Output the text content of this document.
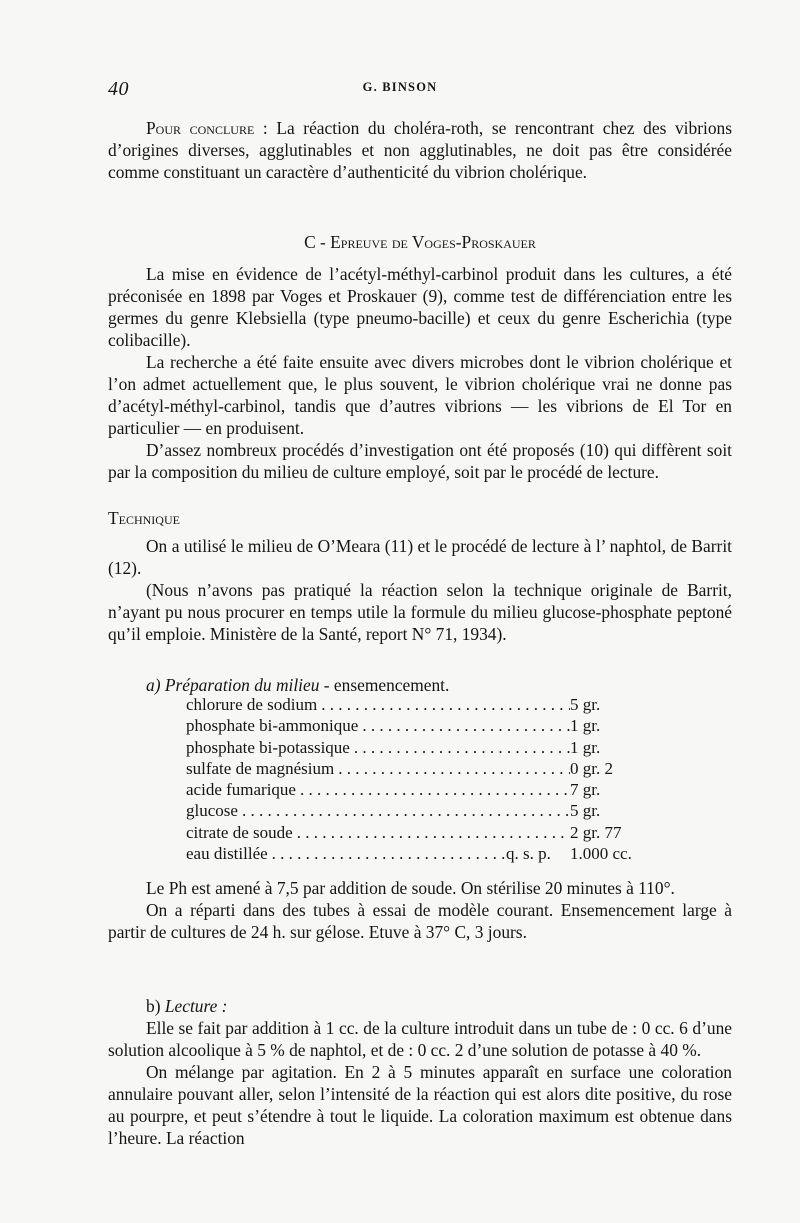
40	G. BINSON

Pour conclure : La réaction du choléra-roth, se rencontrant chez des vibrions d’origines diverses, agglutinables et non agglutinables, ne doit pas être considérée comme constituant un caractère d’authenticité du vibrion cholérique.

C - Epreuve de Voges-Proskauer

La mise en évidence de l’acétyl-méthyl-carbinol produit dans les cultures, a été préconisée en 1898 par Voges et Proskauer (9), comme test de différenciation entre les germes du genre Klebsiella (type pneumo-bacille) et ceux du genre Escherichia (type colibacille).

La recherche a été faite ensuite avec divers microbes dont le vibrion cholérique et l’on admet actuellement que, le plus souvent, le vibrion cholérique vrai ne donne pas d’acétyl-méthyl-carbinol, tandis que d’autres vibrions — les vibrions de El Tor en particulier — en produisent.

D’assez nombreux procédés d’investigation ont été proposés (10) qui diffèrent soit par la composition du milieu de culture employé, soit par le procédé de lecture.

Technique

On a utilisé le milieu de O’Meara (11) et le procédé de lecture à l’ naphtol, de Barrit (12).

(Nous n’avons pas pratiqué la réaction selon la technique originale de Barrit, n’ayant pu nous procurer en temps utile la formule du milieu glucose-phosphate peptoné qu’il emploie. Ministère de la Santé, report N° 71, 1934).

a) Préparation du milieu - ensemencement.

chlorure de sodium . . .	5 gr.
phosphate bi-ammonique . . .	1 gr.
phosphate bi-potassique . . .	1 gr.
sulfate de magnésium . . .	0 gr. 2
acide fumarique . . .	7 gr.
glucose . . .	5 gr.
citrate de soude . . .	2 gr. 77
eau distillée . . .	q. s. p.	1.000 cc.

Le Ph est amené à 7,5 par addition de soude. On stérilise 20 minutes à 110°.

On a réparti dans des tubes à essai de modèle courant. Ensemencement large à partir de cultures de 24 h. sur gélose. Etuve à 37° C, 3 jours.

b) Lecture :

Elle se fait par addition à 1 cc. de la culture introduit dans un tube de : 0 cc. 6 d’une solution alcoolique à 5 % de naphtol, et de : 0 cc. 2 d’une solution de potasse à 40 %.

On mélange par agitation. En 2 à 5 minutes apparaît en surface une coloration annulaire pouvant aller, selon l’intensité de la réaction qui est alors dite positive, du rose au pourpre, et peut s’étendre à tout le liquide. La coloration maximum est obtenue dans l’heure. La réaction
